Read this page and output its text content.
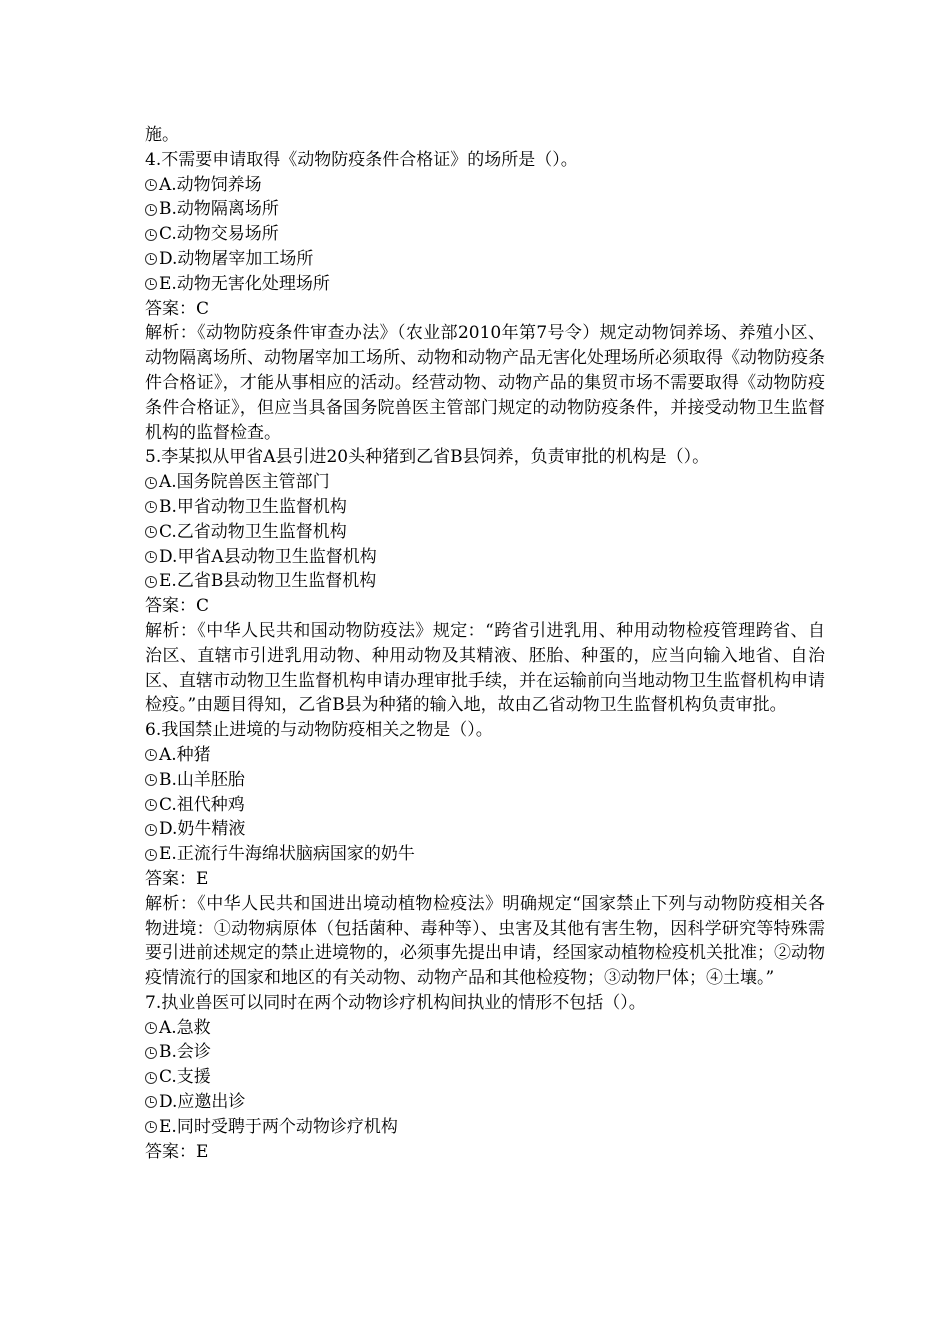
施。
4.不需要申请取得《动物防疫条件合格证》的场所是（）。
A.动物饲养场
B.动物隔离场所
C.动物交易场所
D.动物屠宰加工场所
E.动物无害化处理场所
答案：C
解析：《动物防疫条件审查办法》（农业部2010年第7号令）规定动物饲养场、养殖小区、动物隔离场所、动物屠宰加工场所、动物和动物产品无害化处理场所必须取得《动物防疫条件合格证》，才能从事相应的活动。经营动物、动物产品的集贸市场不需要取得《动物防疫条件合格证》，但应当具备国务院兽医主管部门规定的动物防疫条件，并接受动物卫生监督机构的监督检查。
5.李某拟从甲省A县引进20头种猪到乙省B县饲养，负责审批的机构是（）。
A.国务院兽医主管部门
B.甲省动物卫生监督机构
C.乙省动物卫生监督机构
D.甲省A县动物卫生监督机构
E.乙省B县动物卫生监督机构
答案：C
解析：《中华人民共和国动物防疫法》规定：“跨省引进乳用、种用动物检疫管理跨省、自治区、直辖市引进乳用动物、种用动物及其精液、胚胎、种蛋的，应当向输入地省、自治区、直辖市动物卫生监督机构申请办理审批手续，并在运输前向当地动物卫生监督机构申请检疫。”由题目得知，乙省B县为种猪的输入地，故由乙省动物卫生监督机构负责审批。
6.我国禁止进境的与动物防疫相关之物是（）。
A.种猪
B.山羊胚胎
C.祖代种鸡
D.奶牛精液
E.正流行牛海绵状脑病国家的奶牛
答案：E
解析：《中华人民共和国进出境动植物检疫法》明确规定“国家禁止下列与动物防疫相关各物进境：①动物病原体（包括菌种、毒种等）、虫害及其他有害生物，因科学研究等特殊需要引进前述规定的禁止进境物的，必须事先提出申请，经国家动植物检疫机关批准；②动物疫情流行的国家和地区的有关动物、动物产品和其他检疫物；③动物尸体；④土壤。”
7.执业兽医可以同时在两个动物诊疗机构间执业的情形不包括（）。
A.急救
B.会诊
C.支援
D.应邀出诊
E.同时受聘于两个动物诊疗机构
答案：E
